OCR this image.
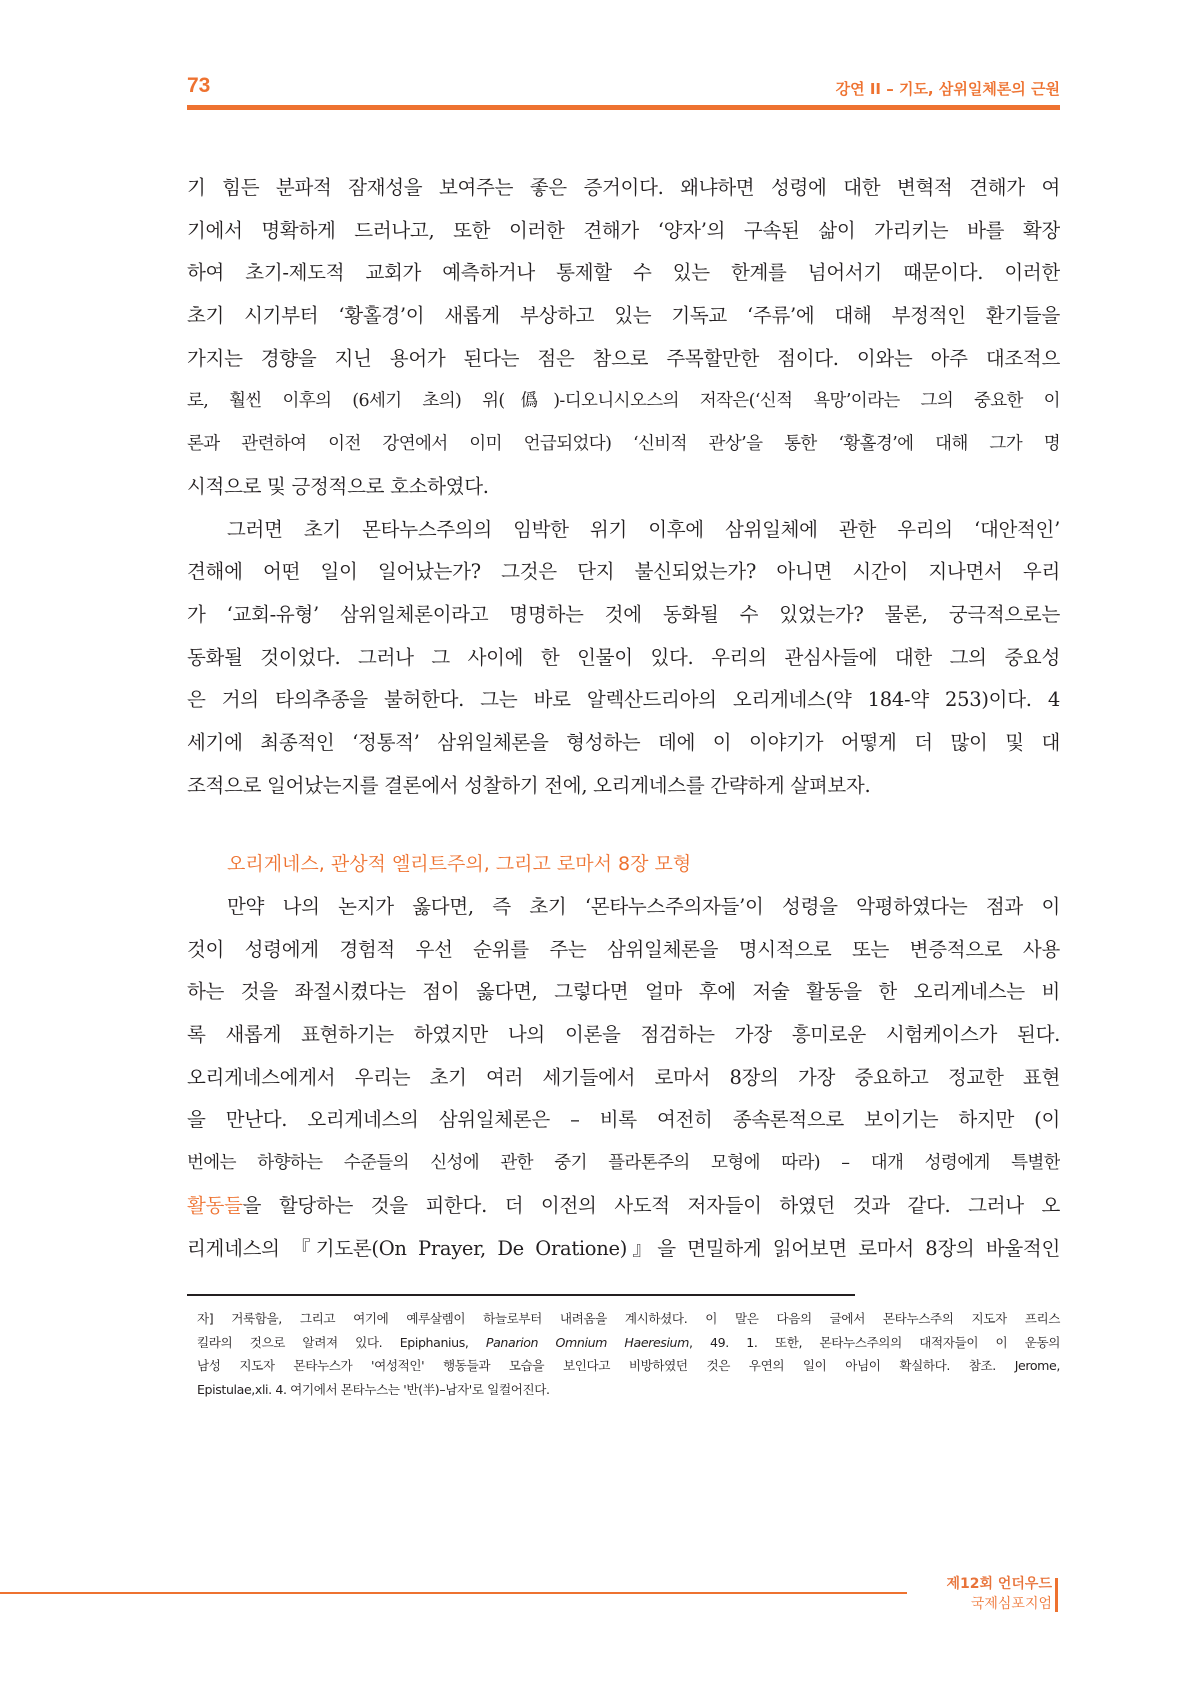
73	강연 II – 기도, 삼위일체론의 근원
기 힘든 분파적 잠재성을 보여주는 좋은 증거이다. 왜냐하면 성령에 대한 변혁적 견해가 여
기에서 명확하게 드러나고, 또한 이러한 견해가 ‘양자’의 구속된 삶이 가리키는 바를 확장
하여 초기-제도적 교회가 예측하거나 통제할 수 있는 한계를 넘어서기 때문이다. 이러한
초기 시기부터 ‘황홀경’이 새롭게 부상하고 있는 기독교 ‘주류’에 대해 부정적인 환기들을
가지는 경향을 지닌 용어가 된다는 점은 참으로 주목할만한 점이다. 이와는 아주 대조적으
로, 훨씬 이후의 (6세기 초의) 위(僞)-디오니시오스의 저작은(‘신적 욕망’이라는 그의 중요한 이
론과 관련하여 이전 강연에서 이미 언급되었다) ‘신비적 관상’을 통한 ‘황홀경’에 대해 그가 명
시적으로 및 긍정적으로 호소하였다.
그러면 초기 몬타누스주의의 임박한 위기 이후에 삼위일체에 관한 우리의 ‘대안적인’
견해에 어떤 일이 일어났는가? 그것은 단지 불신되었는가? 아니면 시간이 지나면서 우리
가 ‘교회-유형’ 삼위일체론이라고 명명하는 것에 동화될 수 있었는가? 물론, 궁극적으로는
동화될 것이었다. 그러나 그 사이에 한 인물이 있다. 우리의 관심사들에 대한 그의 중요성
은 거의 타의추종을 불허한다. 그는 바로 알렉산드리아의 오리게네스(약 184-약 253)이다. 4
세기에 최종적인 ‘정통적’ 삼위일체론을 형성하는 데에 이 이야기가 어떻게 더 많이 및 대
조적으로 일어났는지를 결론에서 성찰하기 전에, 오리게네스를 간략하게 살펴보자.
오리게네스, 관상적 엘리트주의, 그리고 로마서 8장 모형
만약 나의 논지가 옳다면, 즉 초기 ‘몬타누스주의자들’이 성령을 악평하였다는 점과 이
것이 성령에게 경험적 우선 순위를 주는 삼위일체론을 명시적으로 또는 변증적으로 사용
하는 것을 좌절시켰다는 점이 옳다면, 그렇다면 얼마 후에 저술 활동을 한 오리게네스는 비
록 새롭게 표현하기는 하였지만 나의 이론을 점검하는 가장 흥미로운 시험케이스가 된다.
오리게네스에게서 우리는 초기 여러 세기들에서 로마서 8장의 가장 중요하고 정교한 표현
을 만난다. 오리게네스의 삼위일체론은 – 비록 여전히 종속론적으로 보이기는 하지만 (이
번에는 하향하는 수준들의 신성에 관한 중기 플라톤주의 모형에 따라) – 대개 성령에게 특별한
활동들을 할당하는 것을 피한다. 더 이전의 사도적 저자들이 하였던 것과 같다. 그러나 오
리게네스의 『기도론(On Prayer, De Oratione)』을 면밀하게 읽어보면 로마서 8장의 바울적인
자] 거룩함을, 그리고 여기에 예루살렘이 하늘로부터 내려옴을 계시하셨다. 이 말은 다음의 글에서 몬타누스주의 지도자 프리스
킬라의 것으로 알려져 있다. Epiphanius, Panarion Omnium Haeresium, 49. 1. 또한, 몬타누스주의의 대적자들이 이 운동의
남성 지도자 몬타누스가 '여성적인' 행동들과 모습을 보인다고 비방하였던 것은 우연의 일이 아님이 확실하다. 참조. Jerome,
Epistulae,xli. 4. 여기에서 몬타누스는 '반(半)–남자'로 일컬어진다.
제12회 언더우드
국제심포지엄
